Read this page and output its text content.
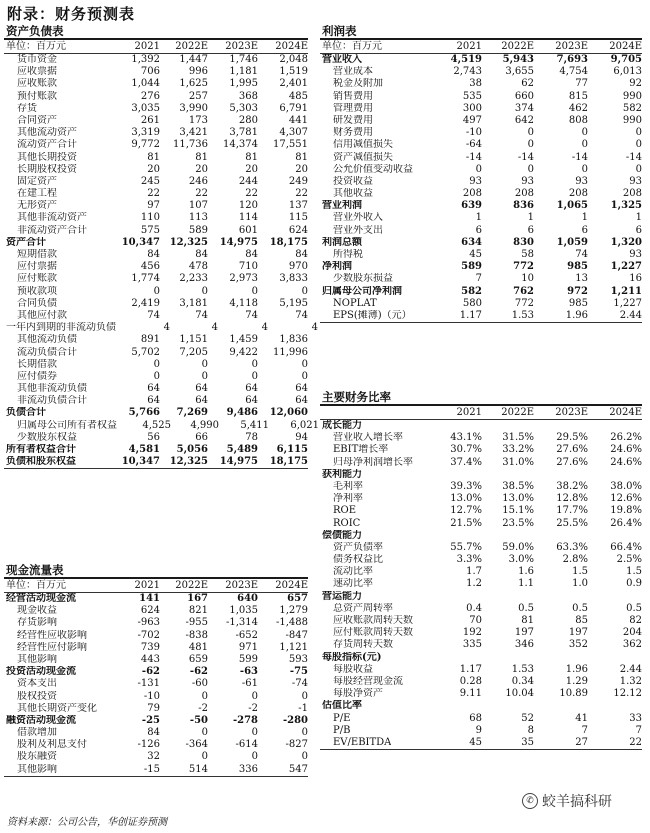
附录：财务预测表
资产负债表
单位：百万元	2021	2022E	2023E	2024E
货币资金	1,392	1,447	1,746	2,048
应收票据	706	996	1,181	1,519
应收账款	1,044	1,625	1,995	2,401
预付账款	276	257	368	485
存货	3,035	3,990	5,303	6,791
合同资产	261	173	280	441
其他流动资产	3,319	3,421	3,781	4,307
流动资产合计	9,772	11,736	14,374	17,551
其他长期投资	81	81	81	81
长期股权投资	20	20	20	20
固定资产	245	246	244	249
在建工程	22	22	22	22
无形资产	97	107	120	137
其他非流动资产	110	113	114	115
非流动资产合计	575	589	601	624
资产合计	10,347 12,325	14,975	18,175
短期借款	84	84	84	84
应付票据	456	478	710	970
应付账款	1,774	2,233	2,973	3,833
预收款项	0	0	0	0
合同负债	2,419	3,181	4,118	5,195
其他应付款	74	74	74	74
一年内到期的非流动负债	4	4	4	4
其他流动负债	891	1,151	1,459	1,836
流动负债合计	5,702	7,205	9,422	11,996
长期借款	0	0	0	0
应付债券	0	0	0	0
其他非流动负债	64	64	64	64
非流动负债合计	64	64	64	64
负债合计	5,766	7,269	9,486	12,060
归属母公司所有者权益	4,525	4,990	5,411	6,021
少数股东权益	56	66	78	94
所有者权益合计	4,581	5,056	5,489	6,115
负债和股东权益	10,347 12,325	14,975	18,175
现金流量表
单位：百万元	2021	2022E	2023E	2024E
经营活动现金流	141	167	640	657
现金收益	624	821	1,035	1,279
存货影响	-963	-955	-1,314	-1,488
经营性应收影响	-702	-838	-652	-847
经营性应付影响	739	481	971	1,121
其他影响	443	659	599	593
投资活动现金流	-62	-62	-63	-75
资本支出	-131	-60	-61	-74
股权投资	-10	0	0	0
其他长期资产变化	79	-2	-2	-1
融资活动现金流	-25	-50	-278	-280
借款增加	84	0	0	0
股利及利息支付	-126	-364	-614	-827
股东融资	32	0	0	0
其他影响	-15	514	336	547
利润表
单位：百万元	2021	2022E	2023E	2024E
营业收入	4,519	5,943	7,693	9,705
营业成本	2,743	3,655	4,754	6,013
税金及附加	38	62	77	92
销售费用	535	660	815	990
管理费用	300	374	462	582
研发费用	497	642	808	990
财务费用	-10	0	0	0
信用减值损失	-64	0	0	0
资产减值损失	-14	-14	-14	-14
公允价值变动收益	0	0	0	0
投资收益	93	93	93	93
其他收益	208	208	208	208
营业利润	639	836	1,065	1,325
营业外收入	1	1	1	1
营业外支出	6	6	6	6
利润总额	634	830	1,059	1,320
所得税	45	58	74	93
净利润	589	772	985	1,227
少数股东损益	7	10	13	16
归属母公司净利润	582	762	972	1,211
NOPLAT	580	772	985	1,227
EPS(摊薄)（元）	1.17	1.53	1.96	2.44
主要财务比率
2021	2022E	2023E	2024E
成长能力
营业收入增长率	43.1%	31.5%	29.5%	26.2%
EBIT增长率	30.7%	33.2%	27.6%	24.6%
归母净利润增长率	37.4%	31.0%	27.6%	24.6%
获利能力
毛利率	39.3%	38.5%	38.2%	38.0%
净利率	13.0%	13.0%	12.8%	12.6%
ROE	12.7%	15.1%	17.7%	19.8%
ROIC	21.5%	23.5%	25.5%	26.4%
偿债能力
资产负债率	55.7%	59.0%	63.3%	66.4%
债务权益比	3.3%	3.0%	2.8%	2.5%
流动比率	1.7	1.6	1.5	1.5
速动比率	1.2	1.1	1.0	0.9
营运能力
总资产周转率	0.4	0.5	0.5	0.5
应收账款周转天数	70	81	85	82
应付账款周转天数	192	197	197	204
存货周转天数	335	346	352	362
每股指标(元)
每股收益	1.17	1.53	1.96	2.44
每股经营现金流	0.28	0.34	1.29	1.32
每股净资产	9.11	10.04	10.89	12.12
估值比率
P/E	68	52	41	33
P/B	9	8	7	7
EV/EBITDA	45	35	27	22
资料来源：公司公告，华创证券预测
✆ 蛟羊搞科研
